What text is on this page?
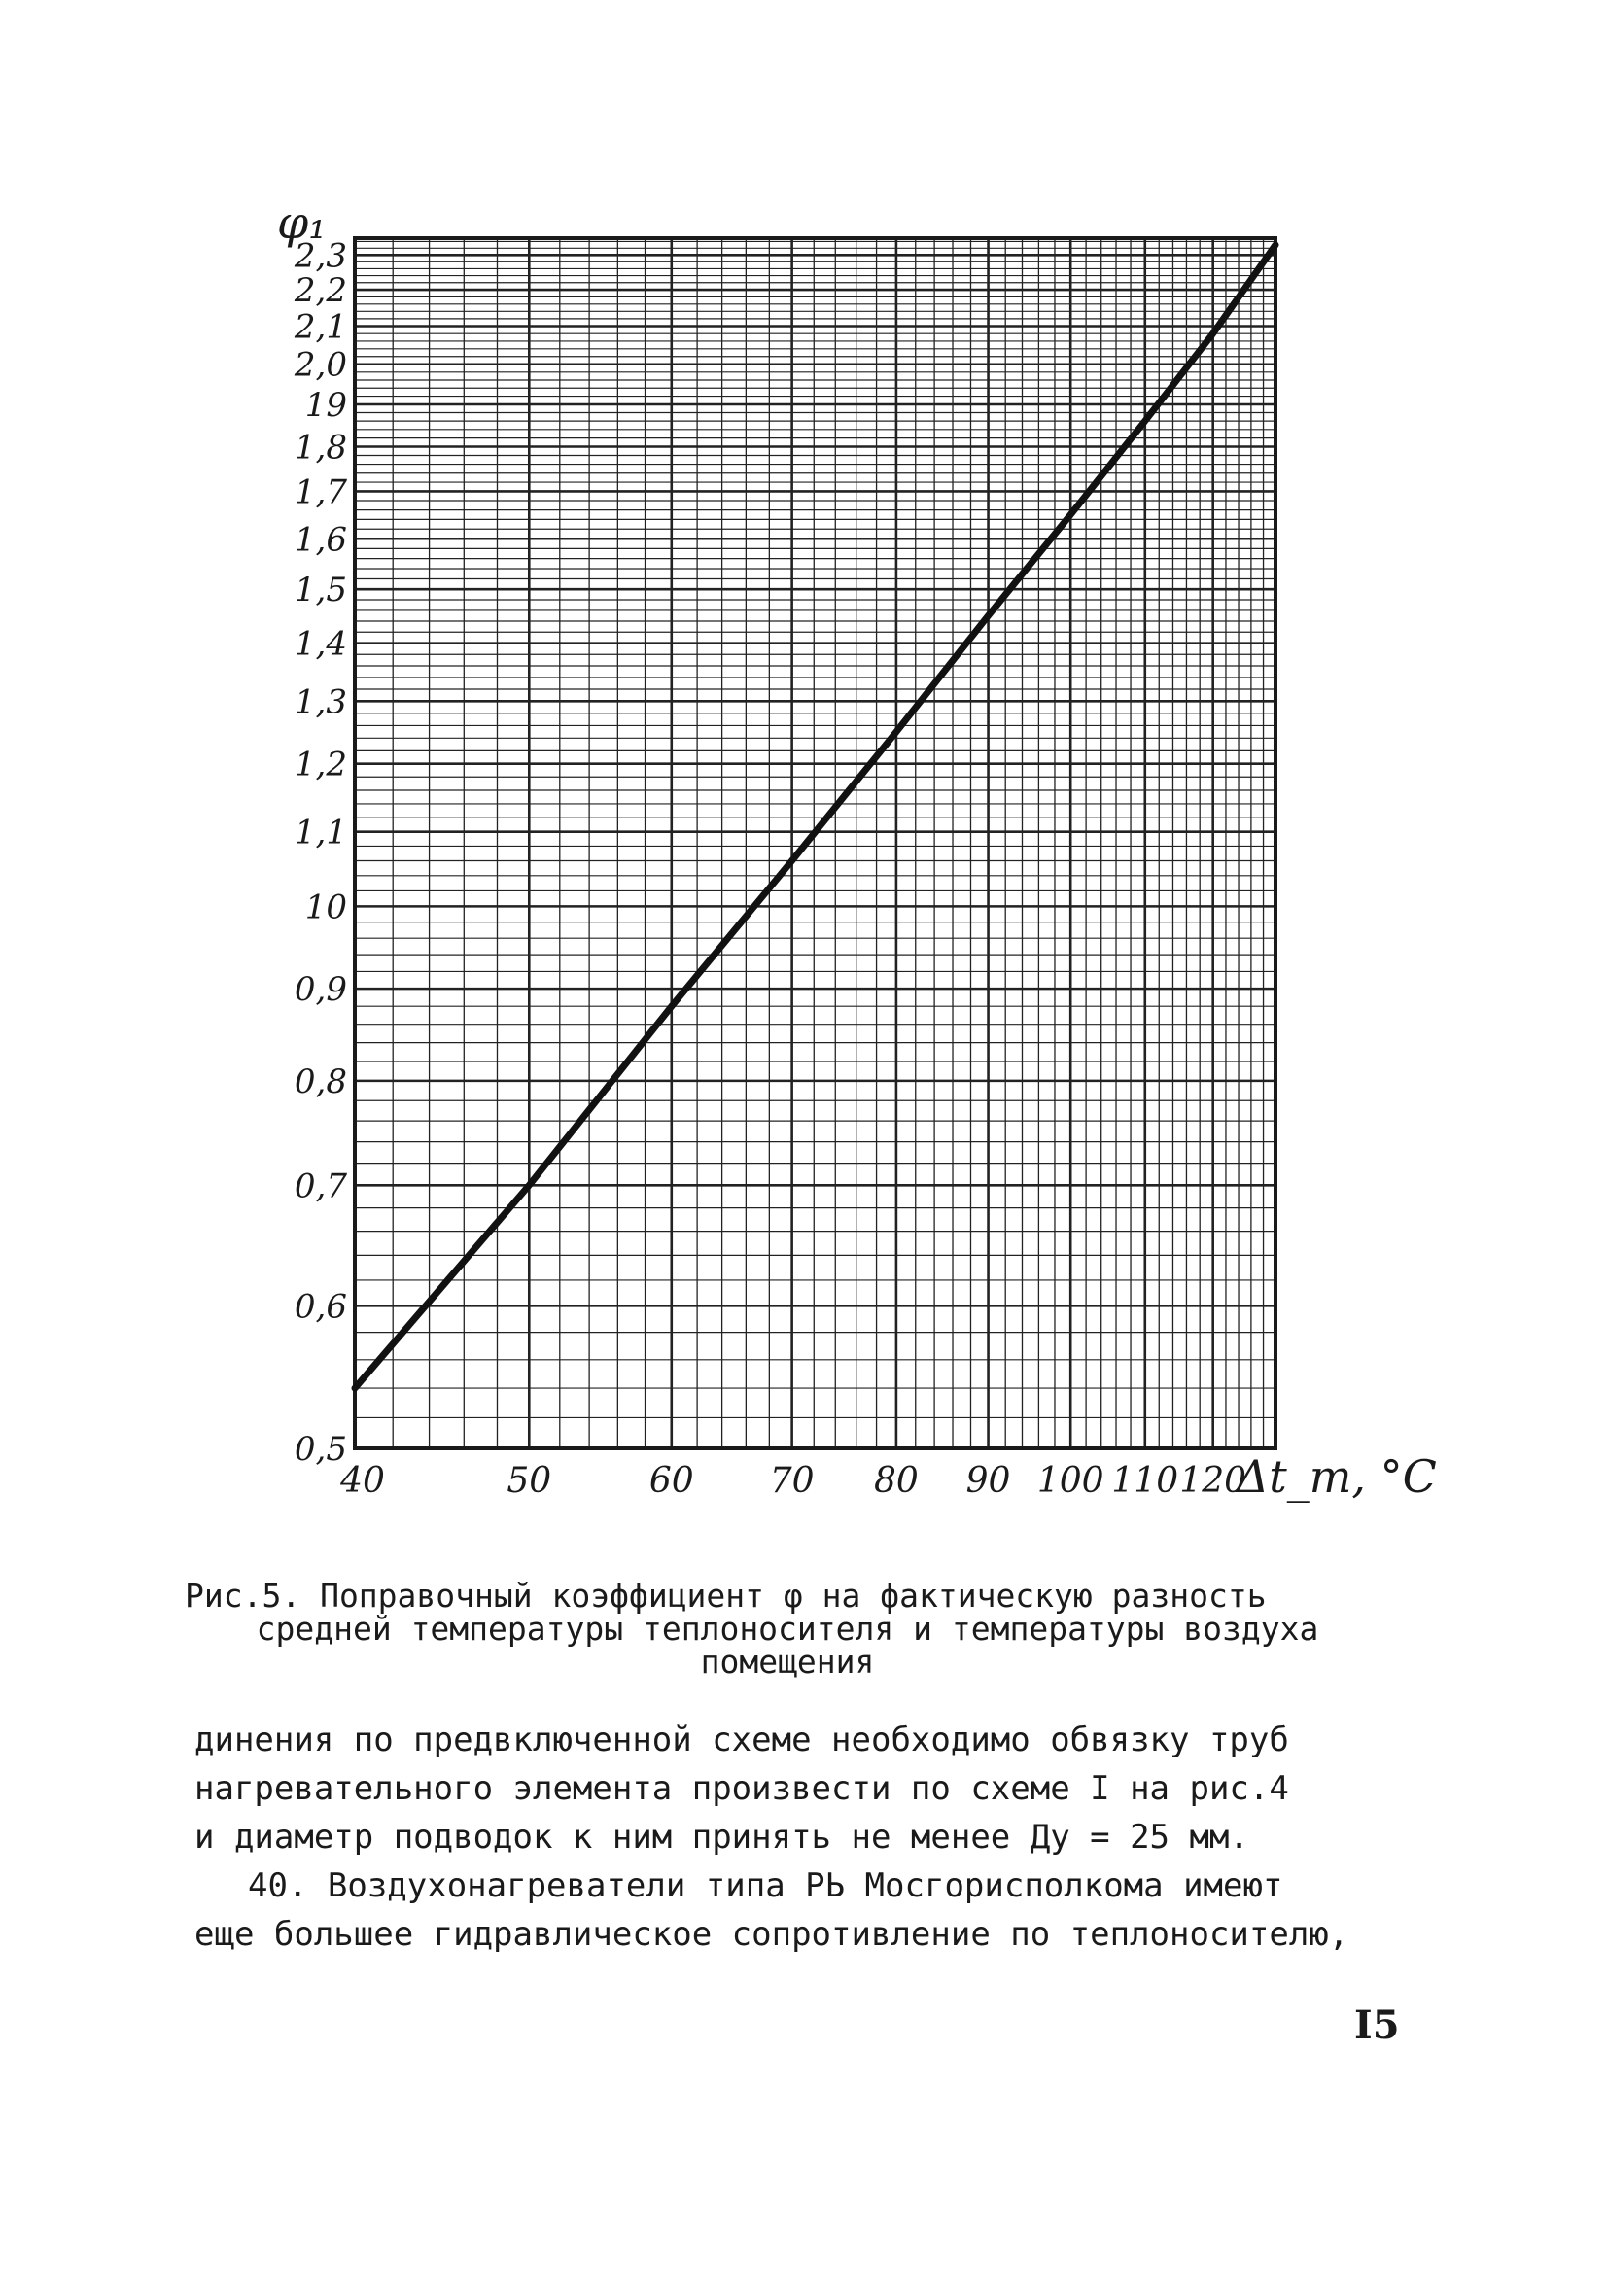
0,5
0,6
0,7
0,8
0,9
10
1,1
1,2
1,3
1,4
1,5
1,6
1,7
1,8
19
2,0
2,1
2,2
2,3
40	50	60 70 80 90 100 110 120
φ₁
Δt_m, °C
Рис.5. Поправочный коэффициент φ на фактическую разность
средней температуры теплоносителя и температуры воздуха
помещения

динения по предвключенной схеме необходимо обвязку труб

нагревательного элемента произвести по схеме I на рис.4

и диаметр подводок к ним принять не менее Ду = 25 мм.

40. Воздухонагреватели типа РЬ Мосгорисполкома имеют

еще большее гидравлическое сопротивление по теплоносителю,

I5
